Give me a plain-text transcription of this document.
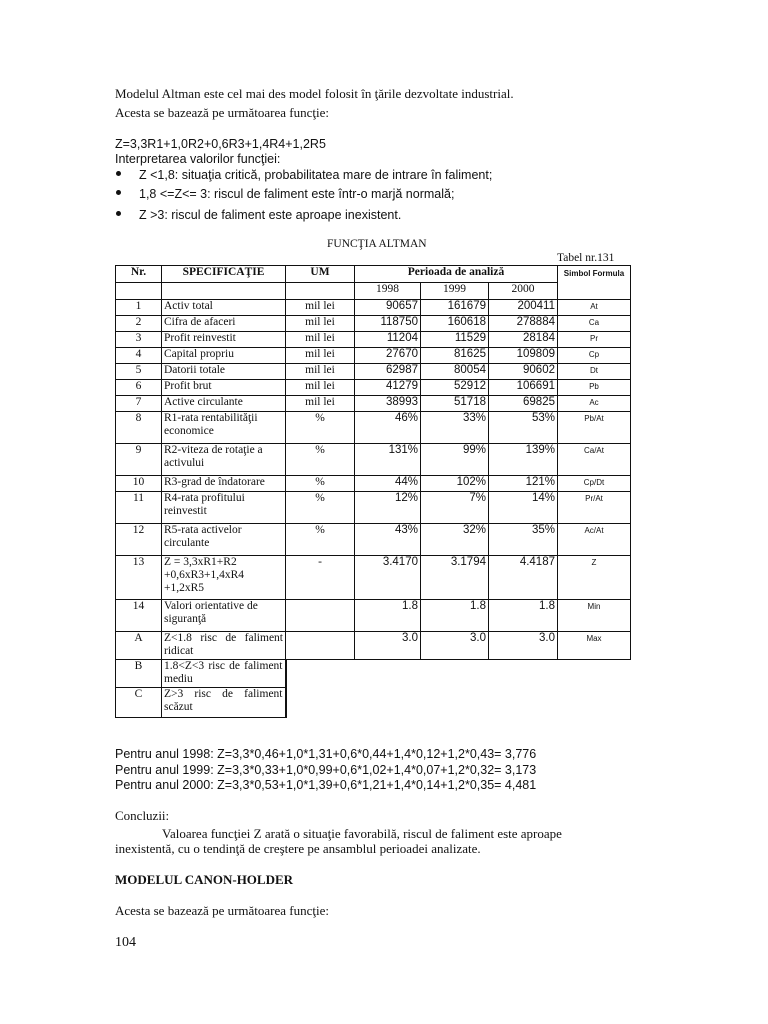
Modelul Altman este cel mai des model folosit în ţările dezvoltate industrial.
Acesta se bazează pe următoarea funcţie:
Z=3,3R1+1,0R2+0,6R3+1,4R4+1,2R5
Interpretarea valorilor funcţiei:
Z <1,8: situaţia critică, probabilitatea mare de intrare în faliment;
1,8 <=Z<= 3: riscul de faliment este într-o marjă normală;
Z >3: riscul de faliment este aproape inexistent.
FUNCŢIA ALTMAN
Tabel nr.131
Nr.	SPECIFICAŢIE	UM	Perioada de analiză			Simbol Formula
			1998	1999	2000	
1	Activ total	mil lei	90657	161679	200411	At
2	Cifra de afaceri	mil lei	118750	160618	278884	Ca
3	Profit reinvestit	mil lei	11204	11529	28184	Pr
4	Capital propriu	mil lei	27670	81625	109809	Cp
5	Datorii totale	mil lei	62987	80054	90602	Dt
6	Profit brut	mil lei	41279	52912	106691	Pb
7	Active circulante	mil lei	38993	51718	69825	Ac
8	R1-rata rentabilităţii economice	%	46%	33%	53%	Pb/At
9	R2-viteza de rotaţie a activului	%	131%	99%	139%	Ca/At
10	R3-grad de îndatorare	%	44%	102%	121%	Cp/Dt
11	R4-rata profitului reinvestit	%	12%	7%	14%	Pr/At
12	R5-rata activelor circulante	%	43%	32%	35%	Ac/At
13	Z = 3,3xR1+R2 +0,6xR3+1,4xR4 +1,2xR5	-	3.4170	3.1794	4.4187	Z
14	Valori orientative de siguranţă		1.8	1.8	1.8	Min
A	Z<1.8 risc de faliment ridicat		3.0	3.0	3.0	Max
B	1.8<Z<3 risc de faliment mediu					
C	Z>3 risc de faliment scăzut					
Pentru anul 1998: Z=3,3*0,46+1,0*1,31+0,6*0,44+1,4*0,12+1,2*0,43= 3,776
Pentru anul 1999: Z=3,3*0,33+1,0*0,99+0,6*1,02+1,4*0,07+1,2*0,32= 3,173
Pentru anul 2000: Z=3,3*0,53+1,0*1,39+0,6*1,21+1,4*0,14+1,2*0,35= 4,481
Concluzii:
Valoarea funcţiei Z arată o situaţie favorabilă, riscul de faliment este aproape
inexistentă, cu o tendinţă de creştere pe ansamblul perioadei analizate.
MODELUL CANON-HOLDER
Acesta se bazează pe următoarea funcţie:
104
